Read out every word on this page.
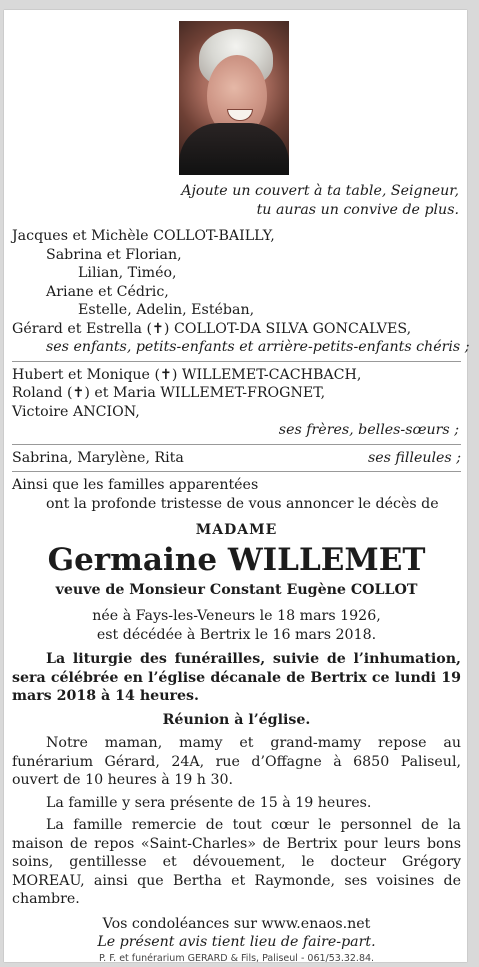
Ajoute un couvert à ta table, Seigneur,
tu auras un convive de plus.
Jacques et Michèle COLLOT-BAILLY,
Sabrina et Florian,
Lilian, Timéo,
Ariane et Cédric,
Estelle, Adelin, Estéban,
Gérard et Estrella (✝) COLLOT-DA SILVA GONCALVES,
ses enfants, petits-enfants et arrière-petits-enfants chéris ;
Hubert et Monique (✝) WILLEMET-CACHBACH,
Roland (✝) et Maria WILLEMET-FROGNET,
Victoire ANCION,
ses frères, belles-sœurs ;
Sabrina, Marylène, Rita	ses filleules ;
Ainsi que les familles apparentées
ont la profonde tristesse de vous annoncer le décès de
MADAME
Germaine WILLEMET
veuve de Monsieur Constant Eugène COLLOT
née à Fays-les-Veneurs le 18 mars 1926,
est décédée à Bertrix le 16 mars 2018.
La liturgie des funérailles, suivie de l’inhumation, sera célébrée en l’église décanale de Bertrix ce lundi 19 mars 2018 à 14 heures.
Réunion à l’église.
Notre maman, mamy et grand-mamy repose au funérarium Gérard, 24A, rue d’Offagne à 6850 Paliseul, ouvert de 10 heures à 19 h 30.
La famille y sera présente de 15 à 19 heures.
La famille remercie de tout cœur le personnel de la maison de repos «Saint-Charles» de Bertrix pour leurs bons soins, gentillesse et dévouement, le docteur Grégory MOREAU, ainsi que Bertha et Raymonde, ses voisines de chambre.
Vos condoléances sur www.enaos.net
Le présent avis tient lieu de faire-part.
P. F. et funérarium GERARD & Fils, Paliseul - 061/53.32.84.
